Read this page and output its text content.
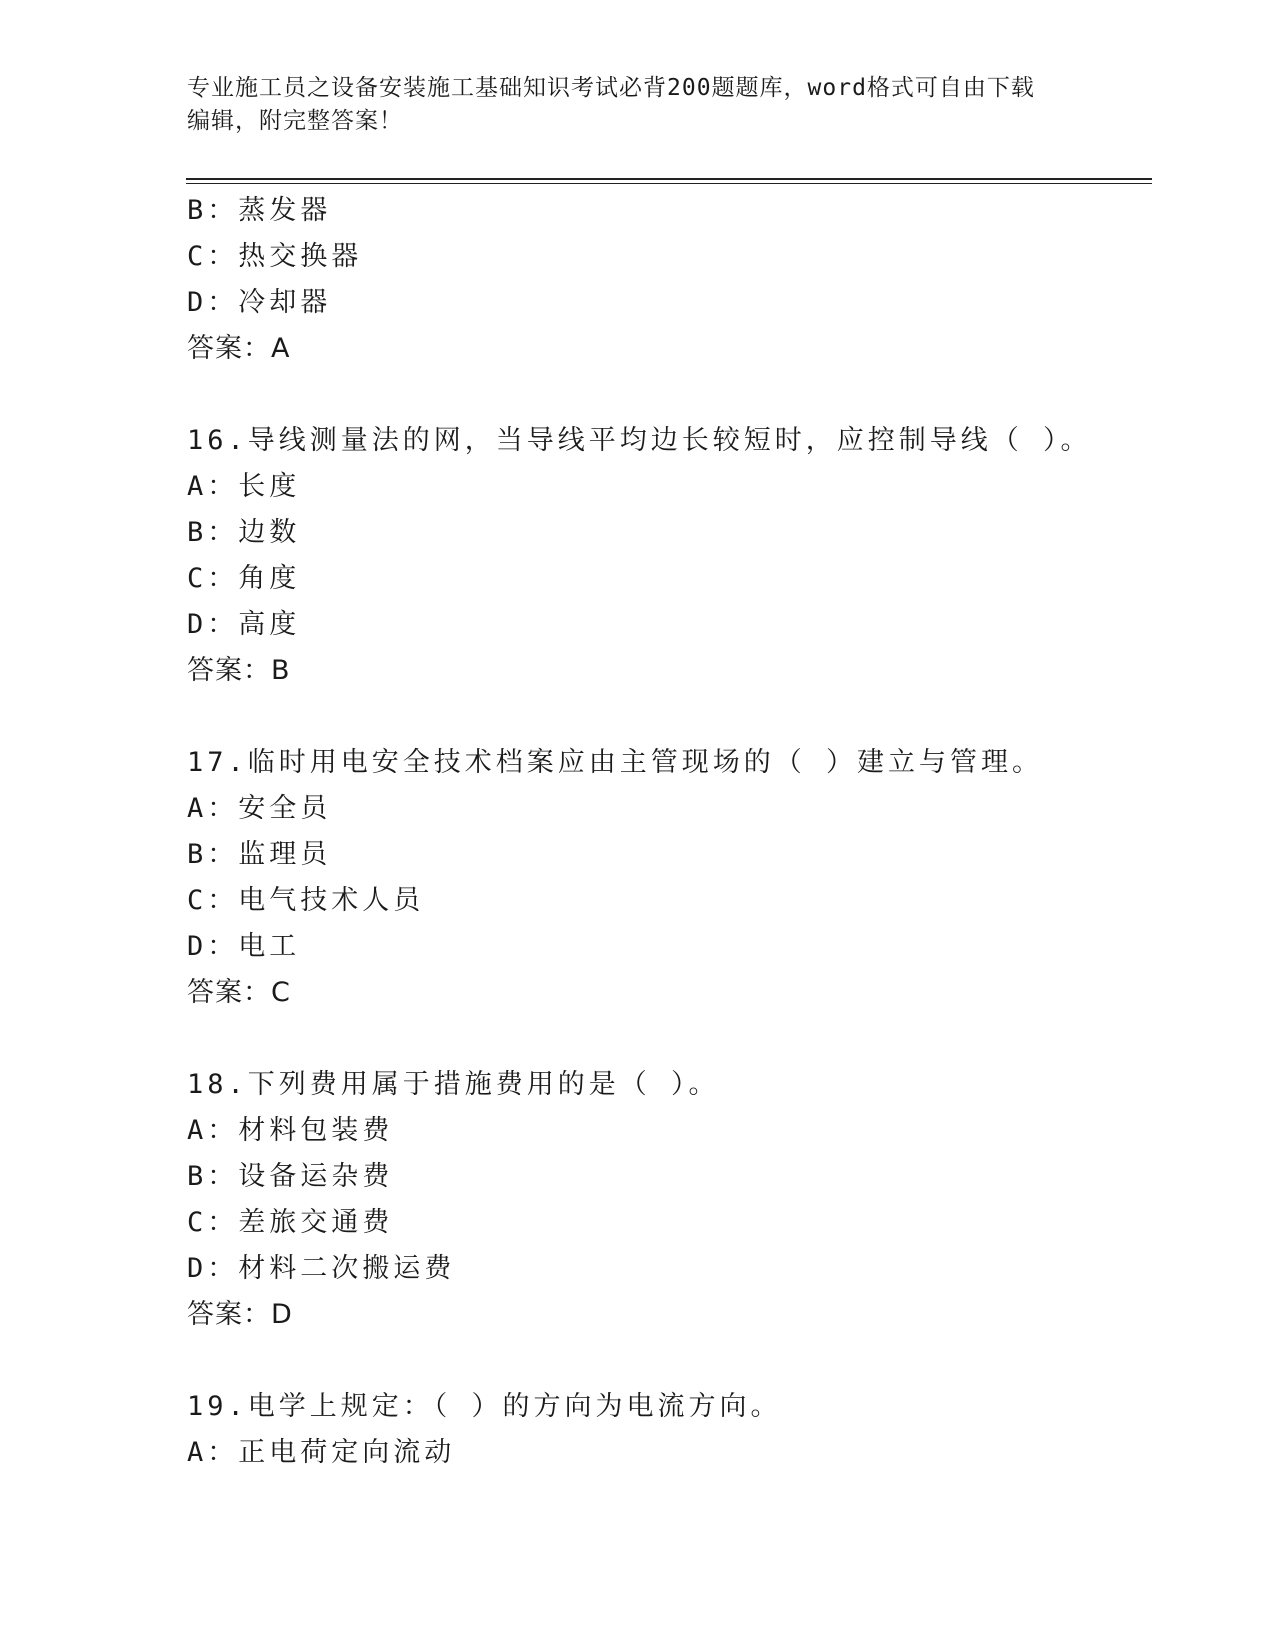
专业施工员之设备安装施工基础知识考试必背200题题库，word格式可自由下载
编辑，附完整答案！
B：蒸发器
C：热交换器
D：冷却器
答案：A
16.导线测量法的网，当导线平均边长较短时，应控制导线（ ）。
A：长度
B：边数
C：角度
D：高度
答案：B
17.临时用电安全技术档案应由主管现场的（ ）建立与管理。
A：安全员
B：监理员
C：电气技术人员
D：电工
答案：C
18.下列费用属于措施费用的是（ ）。
A：材料包装费
B：设备运杂费
C：差旅交通费
D：材料二次搬运费
答案：D
19.电学上规定：（ ）的方向为电流方向。
A：正电荷定向流动
